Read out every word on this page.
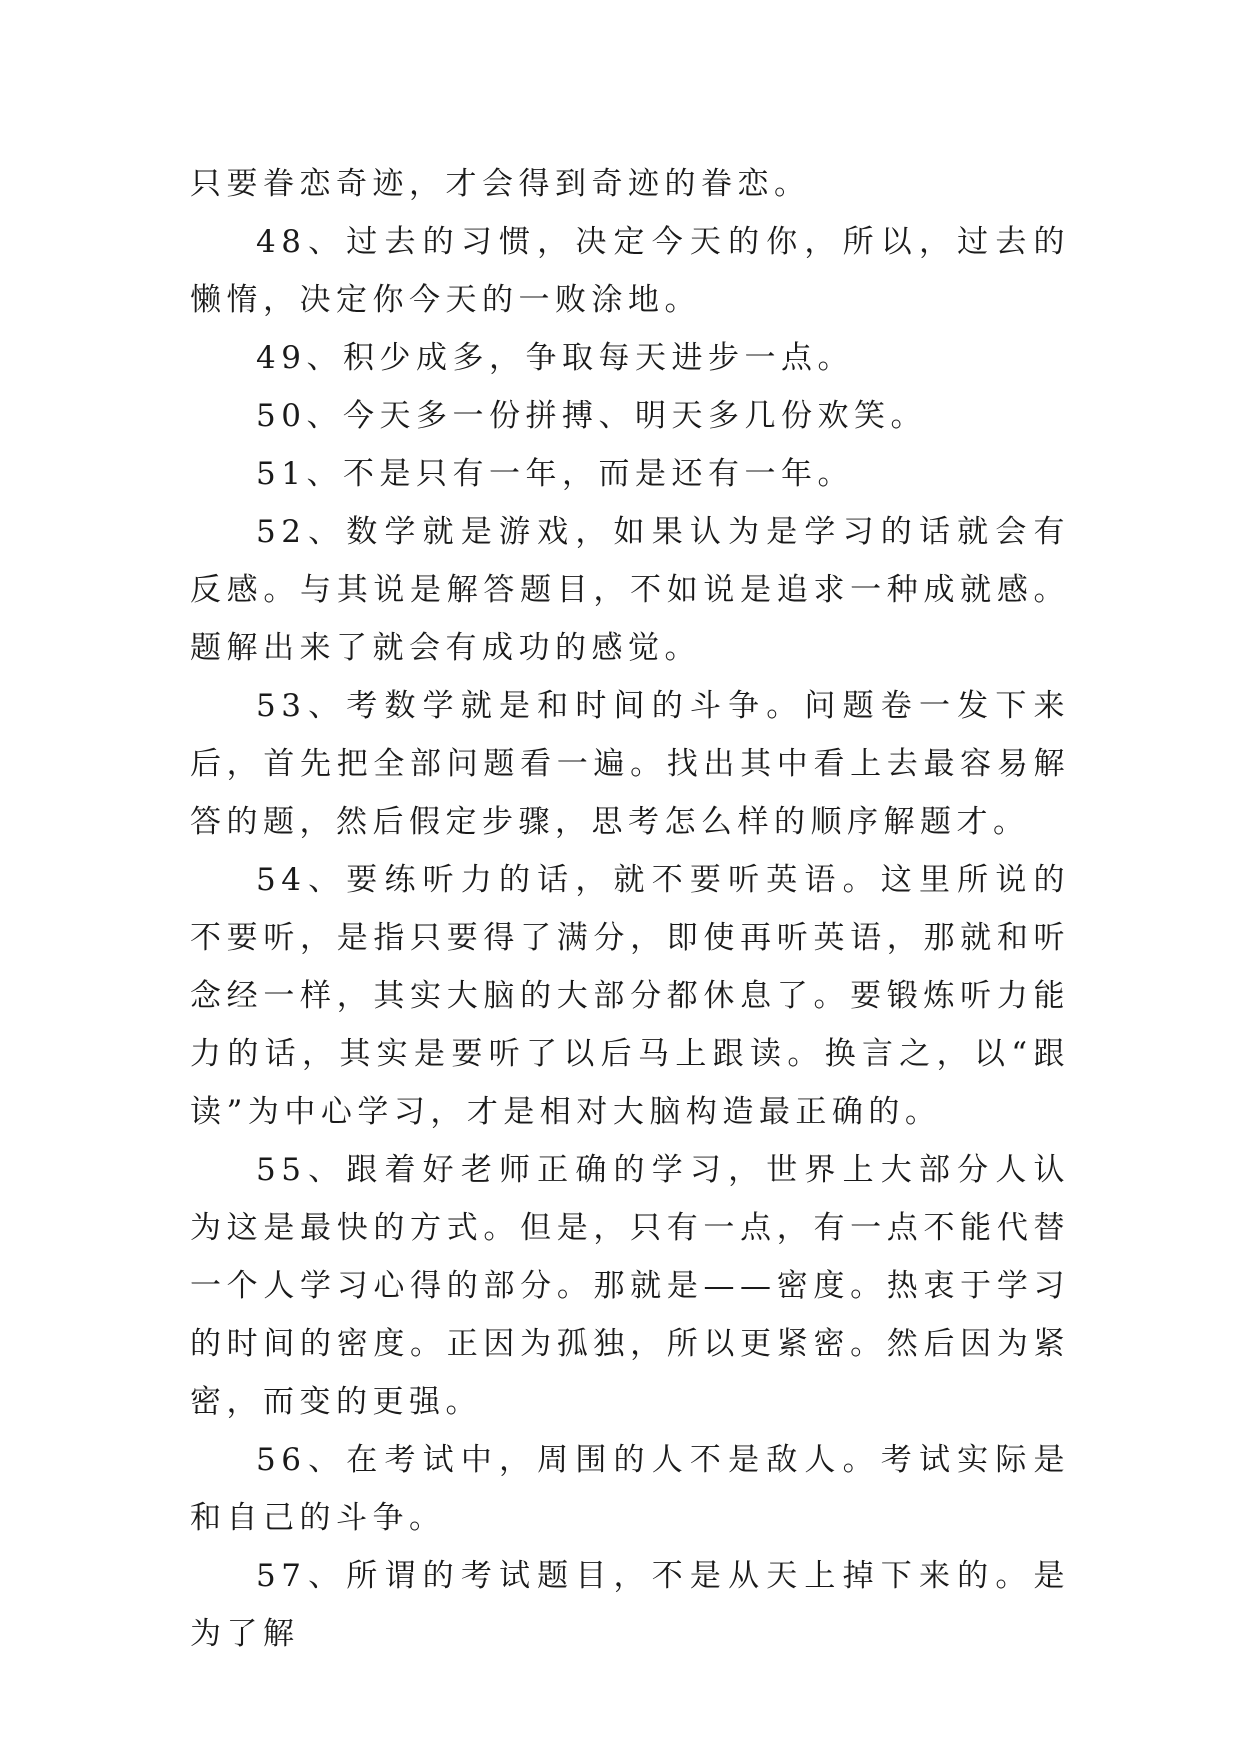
只要眷恋奇迹，才会得到奇迹的眷恋。

48、过去的习惯，决定今天的你，所以，过去的懒惰，决定你今天的一败涂地。

49、积少成多，争取每天进步一点。

50、今天多一份拼搏、明天多几份欢笑。

51、不是只有一年，而是还有一年。

52、数学就是游戏，如果认为是学习的话就会有反感。与其说是解答题目，不如说是追求一种成就感。题解出来了就会有成功的感觉。

53、考数学就是和时间的斗争。问题卷一发下来后，首先把全部问题看一遍。找出其中看上去最容易解答的题，然后假定步骤，思考怎么样的顺序解题才。

54、要练听力的话，就不要听英语。这里所说的不要听，是指只要得了满分，即使再听英语，那就和听念经一样，其实大脑的大部分都休息了。要锻炼听力能力的话，其实是要听了以后马上跟读。换言之，以“跟读”为中心学习，才是相对大脑构造最正确的。

55、跟着好老师正确的学习，世界上大部分人认为这是最快的方式。但是，只有一点，有一点不能代替一个人学习心得的部分。那就是——密度。热衷于学习的时间的密度。正因为孤独，所以更紧密。然后因为紧密，而变的更强。

56、在考试中，周围的人不是敌人。考试实际是和自己的斗争。

57、所谓的考试题目，不是从天上掉下来的。是为了解
